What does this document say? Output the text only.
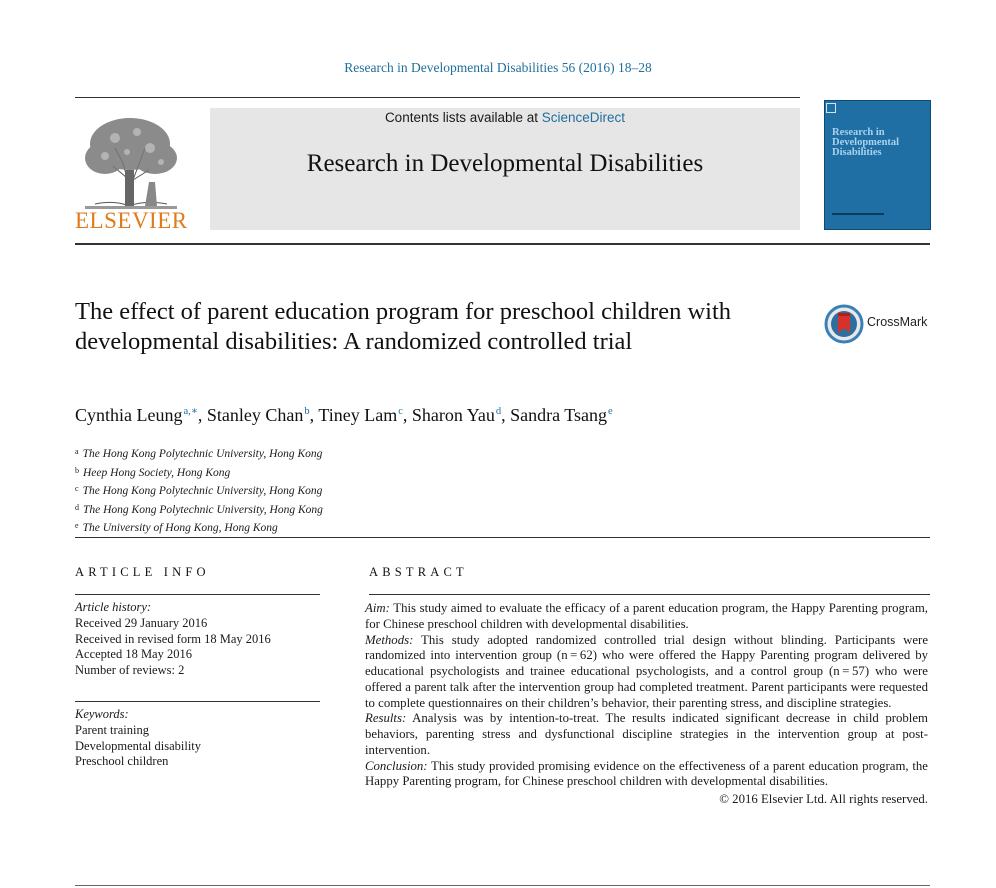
Research in Developmental Disabilities 56 (2016) 18–28
ELSEVIER
Contents lists available at ScienceDirect
Research in Developmental Disabilities
Research in Developmental Disabilities
The effect of parent education program for preschool children with developmental disabilities: A randomized controlled trial
CrossMark
Cynthia Leung$^{a,∗}$, Stanley Chan$^b$, Tiney Lam$^c$, Sharon Yau$^d$, Sandra Tsang$^e$
$^a$ The Hong Kong Polytechnic University, Hong Kong
$^b$ Heep Hong Society, Hong Kong
$^c$ The Hong Kong Polytechnic University, Hong Kong
$^d$ The Hong Kong Polytechnic University, Hong Kong
$^e$ The University of Hong Kong, Hong Kong
ARTICLE INFO
Article history:
Received 29 January 2016
Received in revised form 18 May 2016
Accepted 18 May 2016
Number of reviews: 2
Keywords:
Parent training
Developmental disability
Preschool children
ABSTRACT

Aim: This study aimed to evaluate the efficacy of a parent education program, the Happy Parenting program, for Chinese preschool children with developmental disabilities.

Methods: This study adopted randomized controlled trial design without blinding. Participants were randomized into intervention group (n = 62) who were offered the Happy Parenting program delivered by educational psychologists and trainee educational psychologists, and a control group (n = 57) who were offered a parent talk after the intervention group had completed treatment. Parent participants were requested to complete questionnaires on their children’s behavior, their parenting stress, and discipline strategies.

Results: Analysis was by intention-to-treat. The results indicated significant decrease in child problem behaviors, parenting stress and dysfunctional discipline strategies in the intervention group at post-intervention.

Conclusion: This study provided promising evidence on the effectiveness of a parent education program, the Happy Parenting program, for Chinese preschool children with developmental disabilities.

© 2016 Elsevier Ltd. All rights reserved.
